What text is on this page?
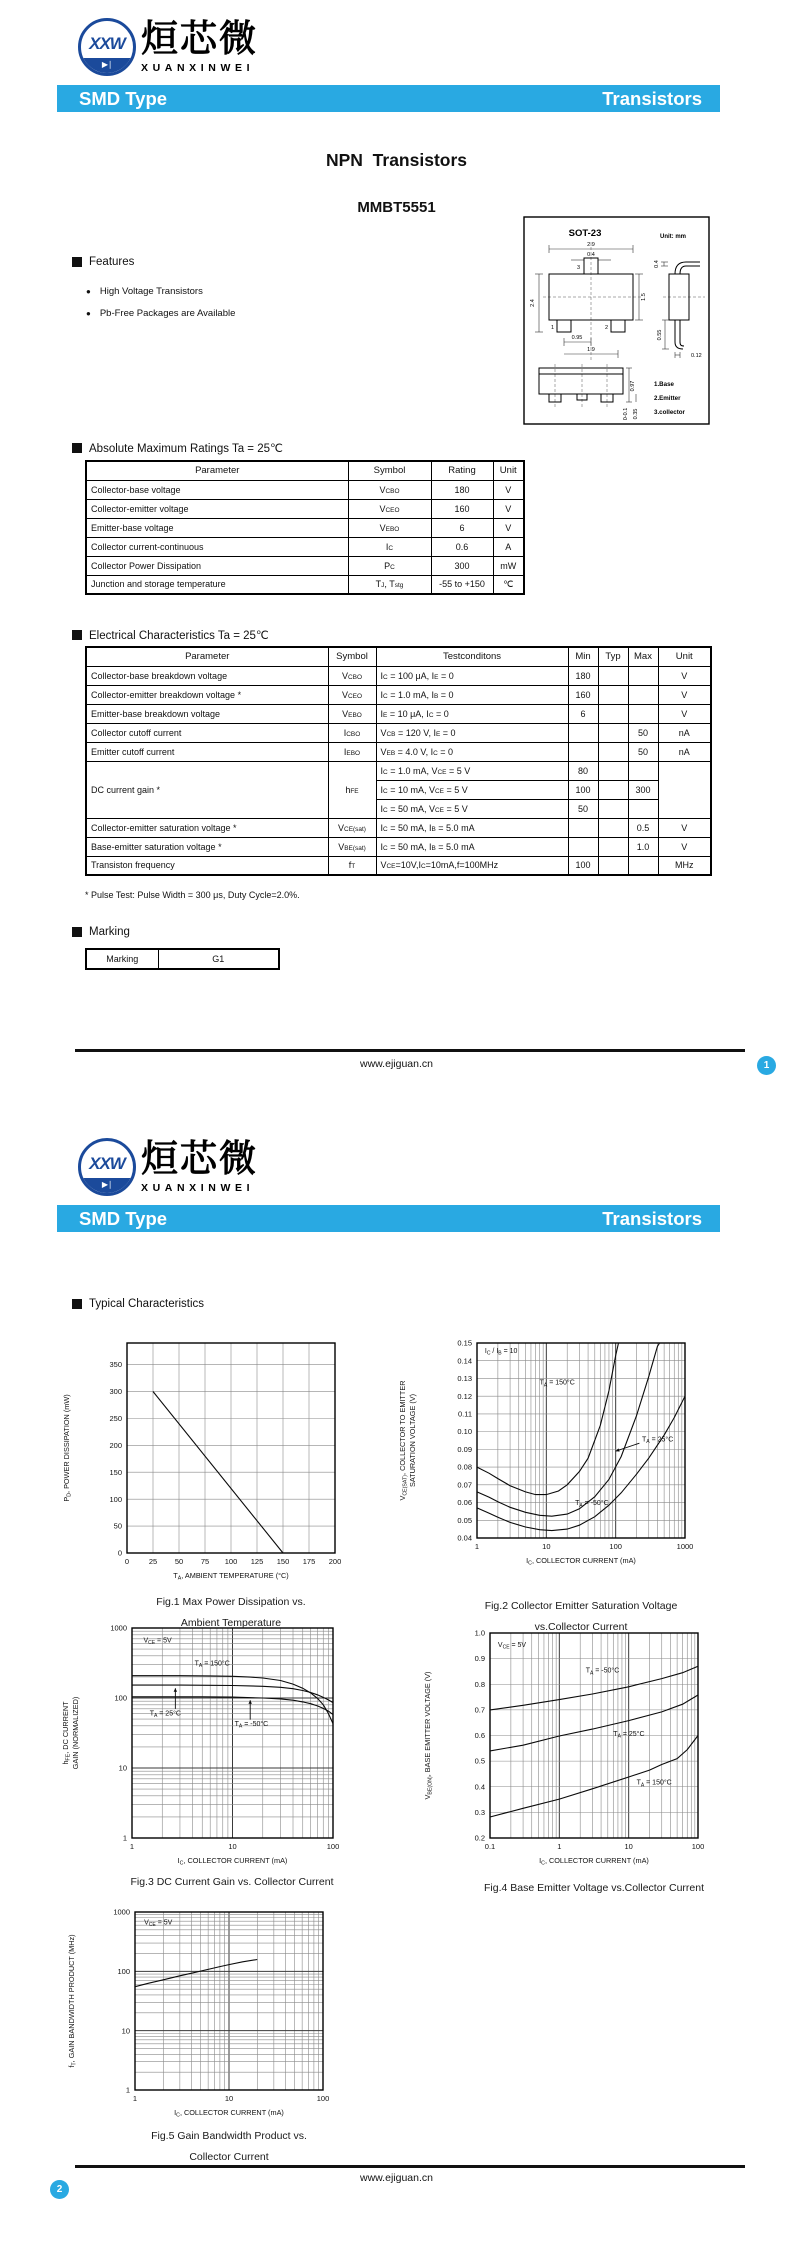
XXW
▶∣ 烜芯微
XUANXINWEI
SMD Type	Transistors
NPN  Transistors
MMBT5551
SOT-23	Unit: mm
2.9
0.4
2.4
1.5
0.95
1.9
0.4
0.55
0.12
0.97
0-0.1 0.35
3
1	2
1.Base
2.Emitter
3.collector
Features
● High Voltage Transistors
● Pb-Free Packages are Available
Absolute Maximum Ratings Ta = 25℃
Parameter	Symbol	Rating	Unit
Collector-base voltage	VCBO	180	V
Collector-emitter voltage	VCEO	160	V
Emitter-base voltage	VEBO	6	V
Collector current-continuous	IC	0.6	A
Collector Power Dissipation	PC	300	mW
Junction and storage temperature	TJ, Tstg	-55 to +150	℃
Electrical Characteristics Ta = 25℃
Parameter	Symbol	Testconditons	Min	Typ	Max	Unit
Collector-base breakdown voltage	VCBO	IC = 100 μA, IE = 0	180			V
Collector-emitter breakdown voltage *	VCEO	IC = 1.0 mA, IB = 0	160			V
Emitter-base breakdown voltage	VEBO	IE = 10 μA, IC = 0	6			V
Collector cutoff current	ICBO	VCB = 120 V, IE = 0			50	nA
Emitter cutoff current	IEBO	VEB = 4.0 V, IC = 0			50	nA
DC current gain *	hFE	IC = 1.0 mA, VCE = 5 V	80			
		IC = 10 mA, VCE = 5 V	100		300	
		IC = 50 mA, VCE = 5 V	50			
Collector-emitter saturation voltage *	VCE(sat)	IC = 50 mA, IB = 5.0 mA			0.5	V
Base-emitter saturation voltage *	VBE(sat)	IC = 50 mA, IB = 5.0 mA			1.0	V
Transiston frequency	fT	VCE=10V,IC=10mA,f=100MHz	100			MHz
* Pulse Test: Pulse Width = 300 μs, Duty Cycle=2.0%.
Marking
Marking	G1
www.ejiguan.cn	1
XXW
▶∣ 烜芯微
XUANXINWEI
SMD Type	Transistors
Typical Characteristics
0	25 50 75 100 125 150 175 200
0
50
100
150
200
250
300
350
$T_A$, AMBIENT TEMPERATURE (°C)
$P_D$, POWER DISSIPATION (mW)
1	10	100	1000
0.04
0.05
0.06
0.07
0.08
0.09
0.10
0.11
0.12
0.13
0.14
0.15
$I_C$, COLLECTOR CURRENT (mA)
$V_{CE(SAT)}$, COLLECTOR TO EMITTER SATURATION VOLTAGE (V)
$I_C / I_B = 10$
$T_A = 150^\circ C$
$T_A = 25^\circ C$
$T_A = -50^\circ C$
1	10	100
1
10
100
1000
$I_C$, COLLECTOR CURRENT (mA)
$h_{FE}$, DC CURRENT GAIN (NORMALIZED)
$V_{CE} = 5V$
$T_A = 150^\circ C$
$T_A = 25^\circ C$
$T_A = -50^\circ C$
0.1	1	10	100
0.2
0.3
0.4
0.5
0.6
0.7
0.8
0.9
1.0
$I_C$, COLLECTOR CURRENT (mA)
$V_{BE(ON)}$, BASE EMITTER VOLTAGE (V)
$V_{CE} = 5V$
$T_A = -50^\circ C$
$T_A = 25^\circ C$
$T_A = 150^\circ C$
1	10	100
1
10
100
1000
$I_C$, COLLECTOR CURRENT (mA)
$f_T$, GAIN BANDWIDTH PRODUCT (MHz)
$V_{CE} = 5V$
Fig.1 Max Power Dissipation vs.
Ambient Temperature
Fig.2 Collector Emitter Saturation Voltage
vs.Collector Current
Fig.3 DC Current Gain vs. Collector Current	Fig.4 Base Emitter Voltage vs.Collector Current
Fig.5 Gain Bandwidth Product vs.
Collector Current
www.ejiguan.cn
2
